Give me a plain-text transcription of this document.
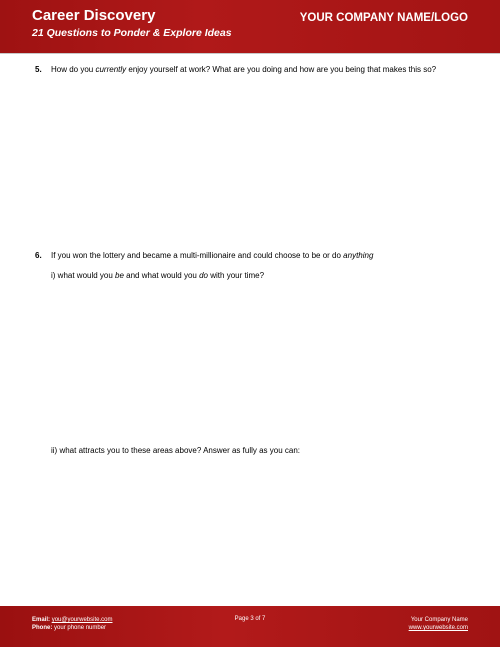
Career Discovery
21 Questions to Ponder & Explore Ideas
YOUR COMPANY NAME/LOGO
5. How do you currently enjoy yourself at work? What are you doing and how are you being that makes this so?
6. If you won the lottery and became a multi-millionaire and could choose to be or do anything
i) what would you be and what would you do with your time?
ii) what attracts you to these areas above? Answer as fully as you can:
Email: you@yourwebsite.com
Phone: your phone number
Page 3 of 7	Your Company Name
www.yourwebsite.com
